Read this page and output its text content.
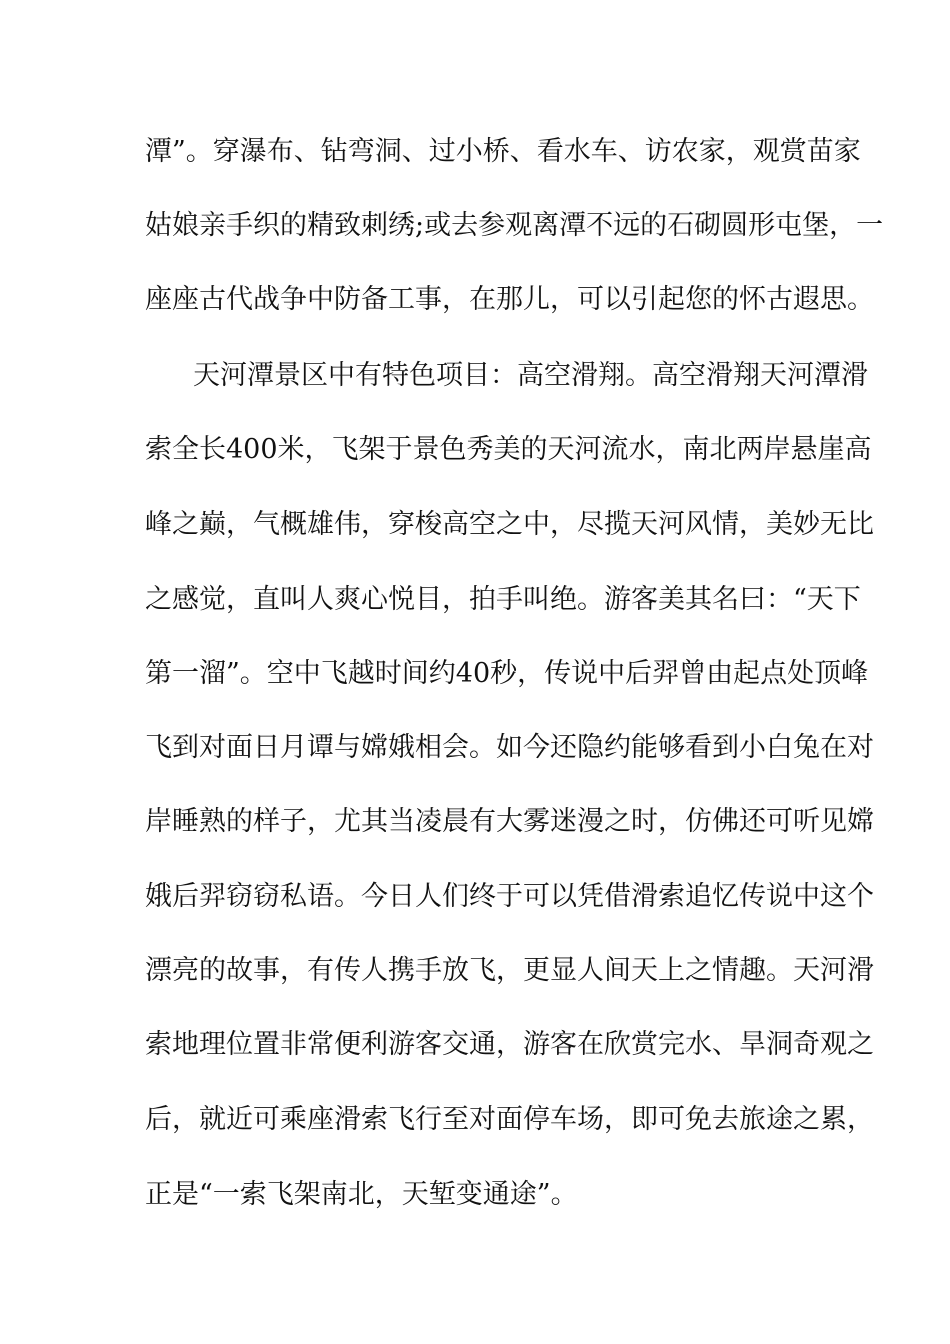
潭”。穿瀑布、钻弯洞、过小桥、看水车、访农家，观赏苗家
姑娘亲手织的精致刺绣;或去参观离潭不远的石砌圆形屯堡，一
座座古代战争中防备工事，在那儿，可以引起您的怀古遐思。
天河潭景区中有特色项目：高空滑翔。高空滑翔天河潭滑
索全长400米，飞架于景色秀美的天河流水，南北两岸悬崖高
峰之巅，气概雄伟，穿梭高空之中，尽揽天河风情，美妙无比
之感觉，直叫人爽心悦目，拍手叫绝。游客美其名曰：“天下
第一溜”。空中飞越时间约40秒，传说中后羿曾由起点处顶峰
飞到对面日月谭与嫦娥相会。如今还隐约能够看到小白兔在对
岸睡熟的样子，尤其当凌晨有大雾迷漫之时，仿佛还可听见嫦
娥后羿窃窃私语。今日人们终于可以凭借滑索追忆传说中这个
漂亮的故事，有传人携手放飞，更显人间天上之情趣。天河滑
索地理位置非常便利游客交通，游客在欣赏完水、旱洞奇观之
后，就近可乘座滑索飞行至对面停车场，即可免去旅途之累，
正是“一索飞架南北，天堑变通途”。
